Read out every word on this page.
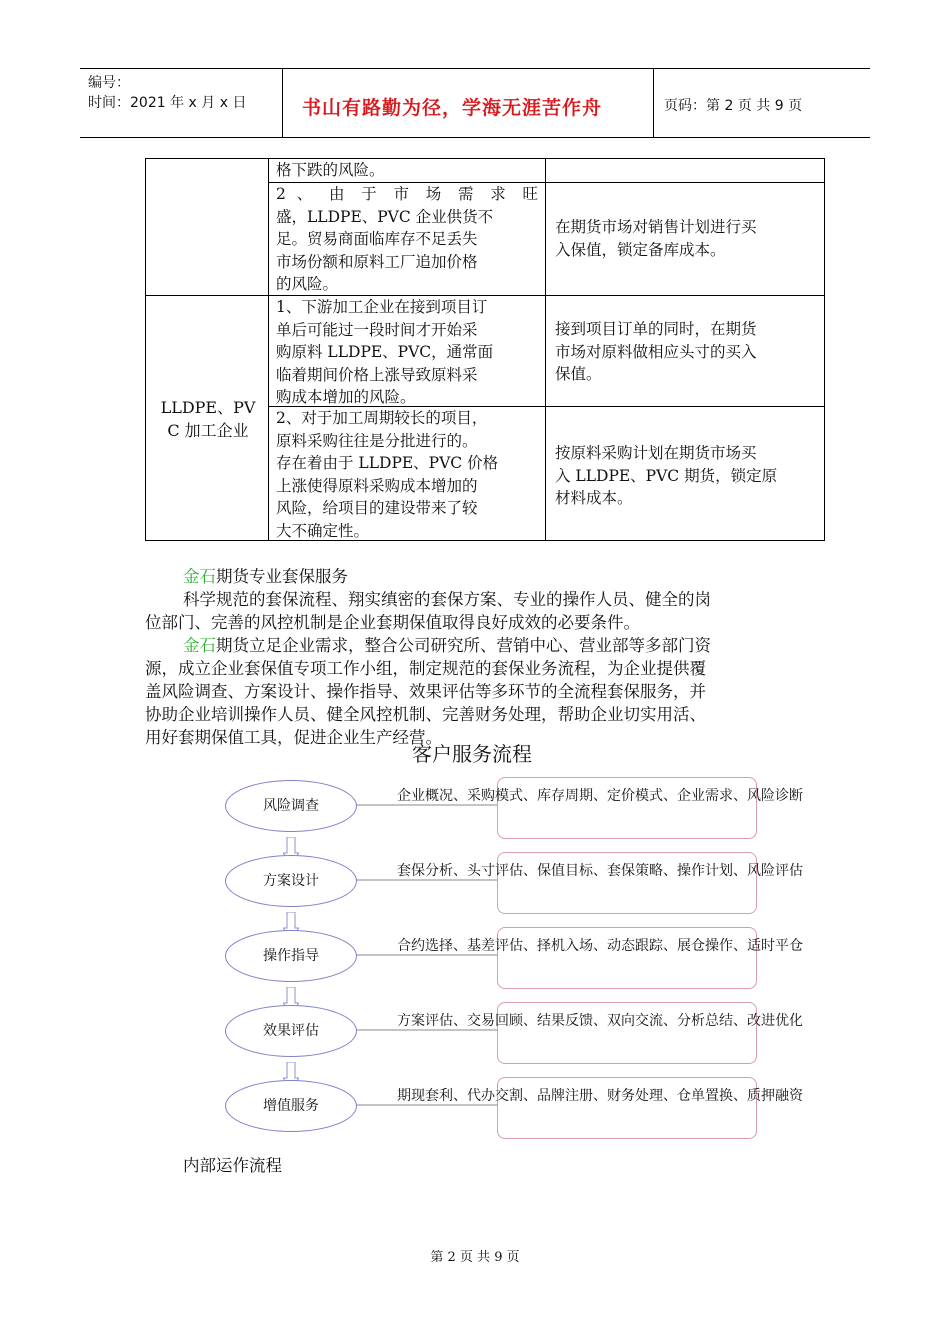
编号：
时间：2021 年 x 月 x 日	书山有路勤为径，学海无涯苦作舟	页码：第 2 页 共 9 页
格下跌的风险。
2 、 由 于 市 场 需 求 旺
盛，LLDPE、PVC 企业供货不
足。贸易商面临库存不足丢失
市场份额和原料工厂追加价格
的风险。
在期货市场对销售计划进行买
入保值，锁定备库成本。
LLDPE、PV
C 加工企业
1、下游加工企业在接到项目订
单后可能过一段时间才开始采
购原料 LLDPE、PVC，通常面
临着期间价格上涨导致原料采
购成本增加的风险。
接到项目订单的同时，在期货
市场对原料做相应头寸的买入
保值。
2、对于加工周期较长的项目，
原料采购往往是分批进行的。
存在着由于 LLDPE、PVC 价格
上涨使得原料采购成本增加的
风险，给项目的建设带来了较
大不确定性。
按原料采购计划在期货市场买
入 LLDPE、PVC 期货，锁定原
材料成本。
金石期货专业套保服务
科学规范的套保流程、翔实缜密的套保方案、专业的操作人员、健全的岗
位部门、完善的风控机制是企业套期保值取得良好成效的必要条件。
金石期货立足企业需求，整合公司研究所、营销中心、营业部等多部门资
源，成立企业套保值专项工作小组，制定规范的套保业务流程，为企业提供覆
盖风险调查、方案设计、操作指导、效果评估等多环节的全流程套保服务，并
协助企业培训操作人员、健全风控机制、完善财务处理，帮助企业切实用活、
用好套期保值工具，促进企业生产经营。
客户服务流程
企业概况、采购模式、库存周期、定价模式、企业需求、风险诊断
风险调查
套保分析、头寸评估、保值目标、套保策略、操作计划、风险评估
方案设计
合约选择、基差评估、择机入场、动态跟踪、展仓操作、适时平仓
操作指导
方案评估、交易回顾、结果反馈、双向交流、分析总结、改进优化
效果评估
期现套利、代办交割、品牌注册、财务处理、仓单置换、质押融资
增值服务
内部运作流程
第 2 页 共 9 页
